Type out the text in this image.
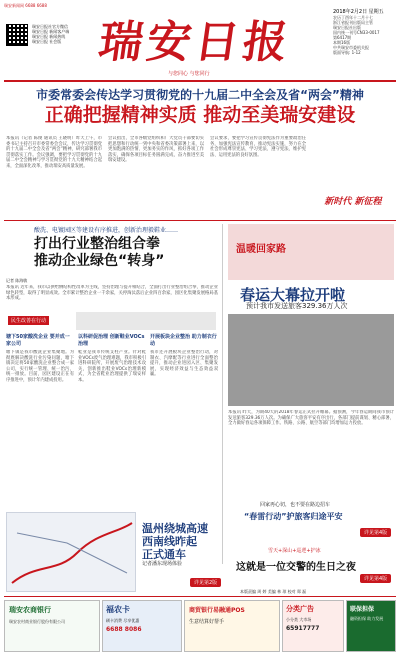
瑞安新闻网 6688 6688
瑞安日报社官方微信
瑞安日报 新闻客户端
瑞安日报 新闻热线
瑞安日报 社会版 瑞安日报
与您同心 与您同行
2018年2月2日 星期五
农历丁酉年十二月十七
浙江省报刊出版局主管
瑞安日报社出版
国内统一刊号CN33-0017
第6417期
本期16版
中共瑞安市委机关报
版面导航: 1-12
市委常委会传达学习贯彻党的十九届二中全会及省“两会”精神
正确把握精神实质 推动至美瑞安建设
本报讯（记者 陈俊 通讯员 王晓明）昨天上午，市委书记主持召开市委常委会会议，传达学习贯彻党的十九届二中全会及省“两会”精神，研究部署我市贯彻落实工作。会议强调，要把学习贯彻党的十九届二中全会精神与学习贯彻党的十九大精神结合起来，全面深化改革，推动瑞安高质量发展。
会议指出，全市各级党组织和广大党员干部要切实把思想和行动统一到中央和省委决策部署上来，以更加饱满的热情、更加务实的作风，抓好各项工作落实，确保各项目标任务圆满完成，奋力推进至美瑞安建设。
会议要求，要把学习宣传贯彻宪法作为重要政治任务，加强宪法宣传教育，推动宪法实施，努力在全社会形成尊崇宪法、学习宪法、遵守宪法、维护宪法、运用宪法的良好氛围。
新时代 新征程
酸洗、电镀园区等建设有序推进，创新治理毅鞋业……
打出行业整治组合拳
推动企业绿色“转身”
记者 陈海敏
本报讯 近年来，我市以供给侧结构性改革为主线，坚持治理与提升相结合，全面打出行业整治组合拳，推动企业绿色转型，取得了明显成效。全市累计整治企业一千余家，关停淘汰落后企业四百余家，园区化集聚发展格局基本形成。
民生改善在行动
塘下50家酸洗企业 要并成一家公司
以科研促治理 创新鞋业VOCs治理
开展板块企业整治 助力制衣行动
塘下镇是我市酸洗企业集聚地。为彻底解决酸洗行业污染问题，塘下镇决定将50家酸洗企业整合成一家公司，实行统一管理、统一治污、统一排放。目前，园区建设正在有序推进中，预计年内建成投用。
鞋业是我市传统支柱产业。针对鞋业VOCs废气治理难题，我市积极引进科研院所，开展废气治理技术攻关，创新推出鞋业VOCs治理新模式，为全省鞋业治理提供了瑞安样本。
我市还开展板块企业整治行动，对制衣、汽摩配等行业进行全面整治提升，推动企业进园入区、集聚发展，实现经济效益与生态效益双赢。
温暖回家路
春运大幕拉开啦
预计我市发送旅客329.36万人次
本报讯 昨天，为期40天的2018年春运正式拉开帷幕。据预测，今年春运期间我市预计发送旅客329.36万人次。为确保广大旅客平安有序出行，各部门提前谋划、精心部署，全力做好春运各项保障工作。铁路、公路、航空等部门均增加运力投放。
回家再心切，也不要在路边招车
“春雷行动”护旅客归途平安
详见第4版
温州绕城高速
西南线昨起
正式通车
记者潘东现场体验
详见第2版
雪天+深山+巡逻+护冰
这就是一位交警的生日之夜
详见第4版
本版责编 周 婷 美编 林 琼 校对 郑 磊
瑞安农商银行
瑞安农村商业银行股份有限公司
福农卡
刷卡消费 尽享优惠
6688 8086
商贸银行易融通POS
生意结算好帮手
分类广告
小分类 大市场
65917777
联保担保
融资担保 助力发展
